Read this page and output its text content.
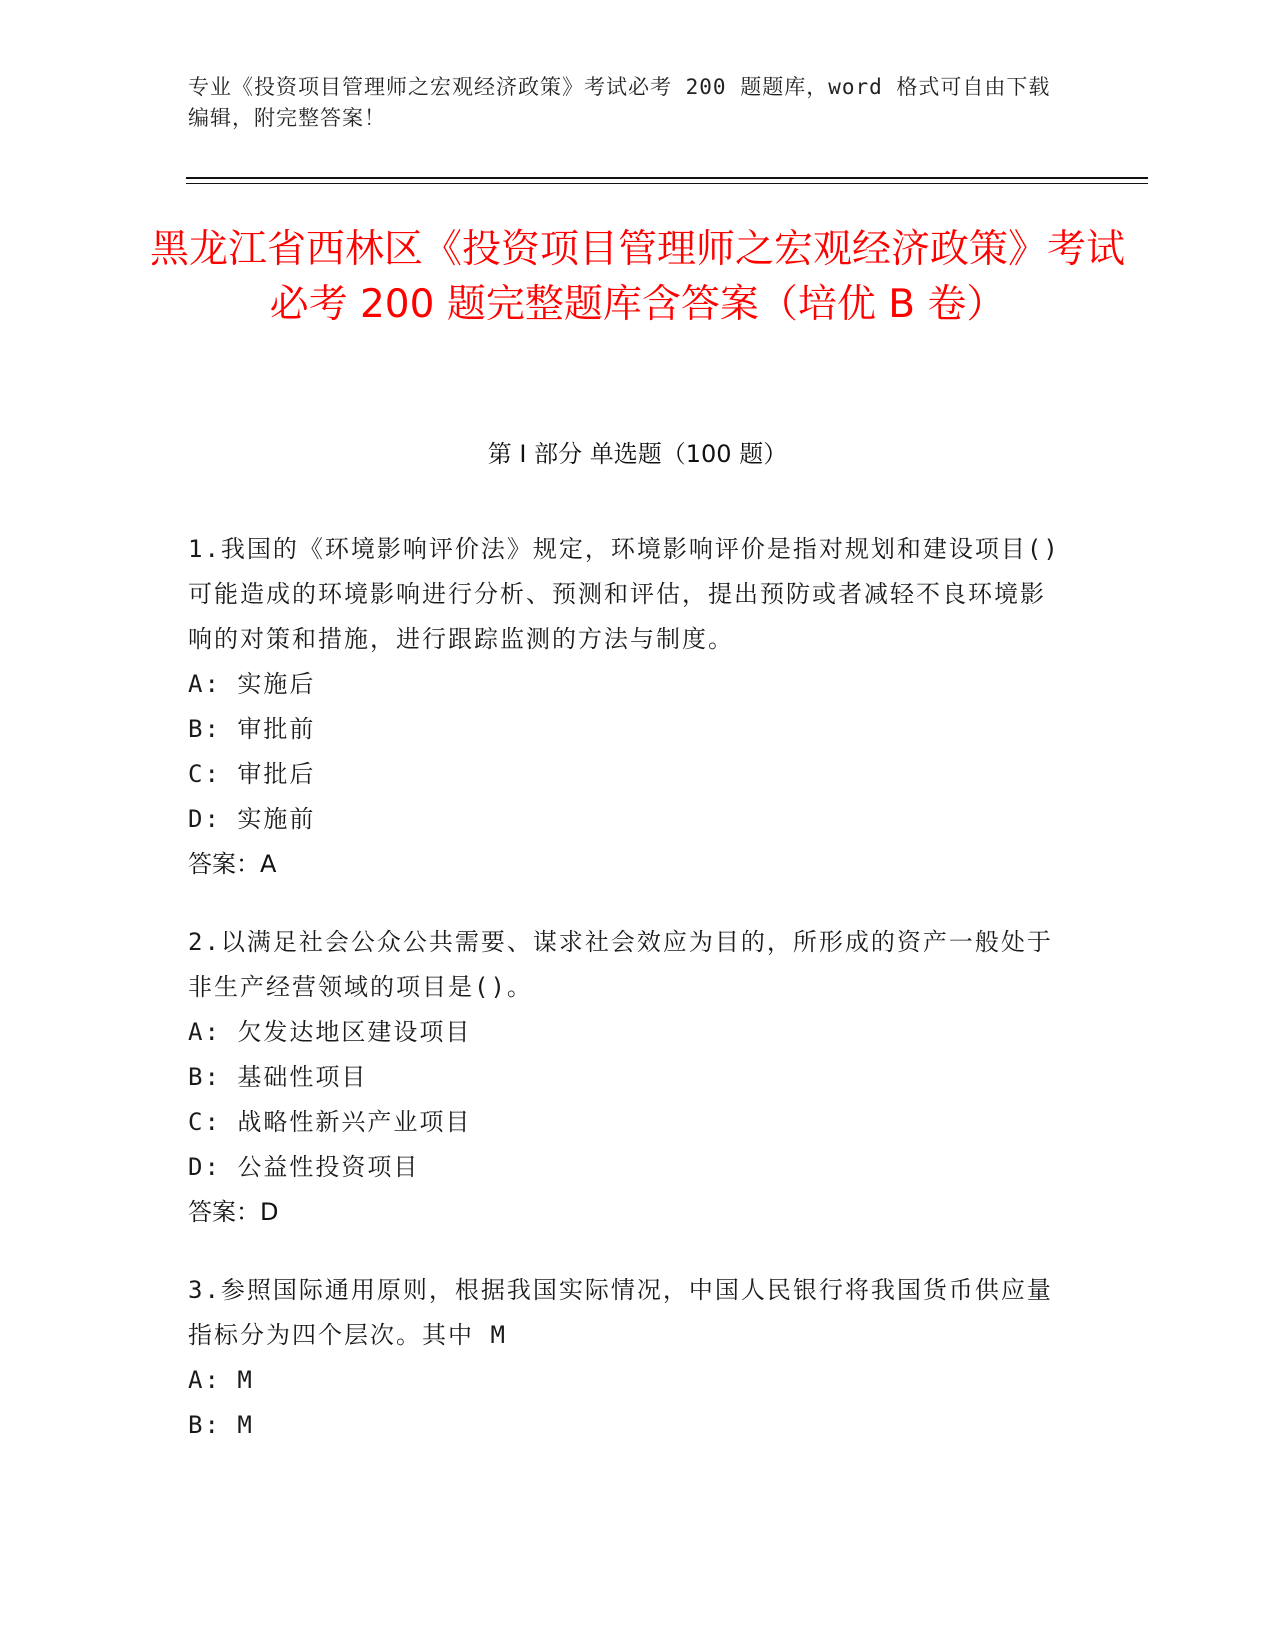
专业《投资项目管理师之宏观经济政策》考试必考 200 题题库，word 格式可自由下载编辑，附完整答案！
黑龙江省西林区《投资项目管理师之宏观经济政策》考试必考 200 题完整题库含答案（培优 B 卷）
第 I 部分 单选题（100 题）
1.我国的《环境影响评价法》规定，环境影响评价是指对规划和建设项目()可能造成的环境影响进行分析、预测和评估，提出预防或者减轻不良环境影响的对策和措施，进行跟踪监测的方法与制度。
A: 实施后
B: 审批前
C: 审批后
D: 实施前
答案：A
2.以满足社会公众公共需要、谋求社会效应为目的，所形成的资产一般处于非生产经营领域的项目是()。
A: 欠发达地区建设项目
B: 基础性项目
C: 战略性新兴产业项目
D: 公益性投资项目
答案：D
3.参照国际通用原则，根据我国实际情况，中国人民银行将我国货币供应量指标分为四个层次。其中 M
A: M
B: M
